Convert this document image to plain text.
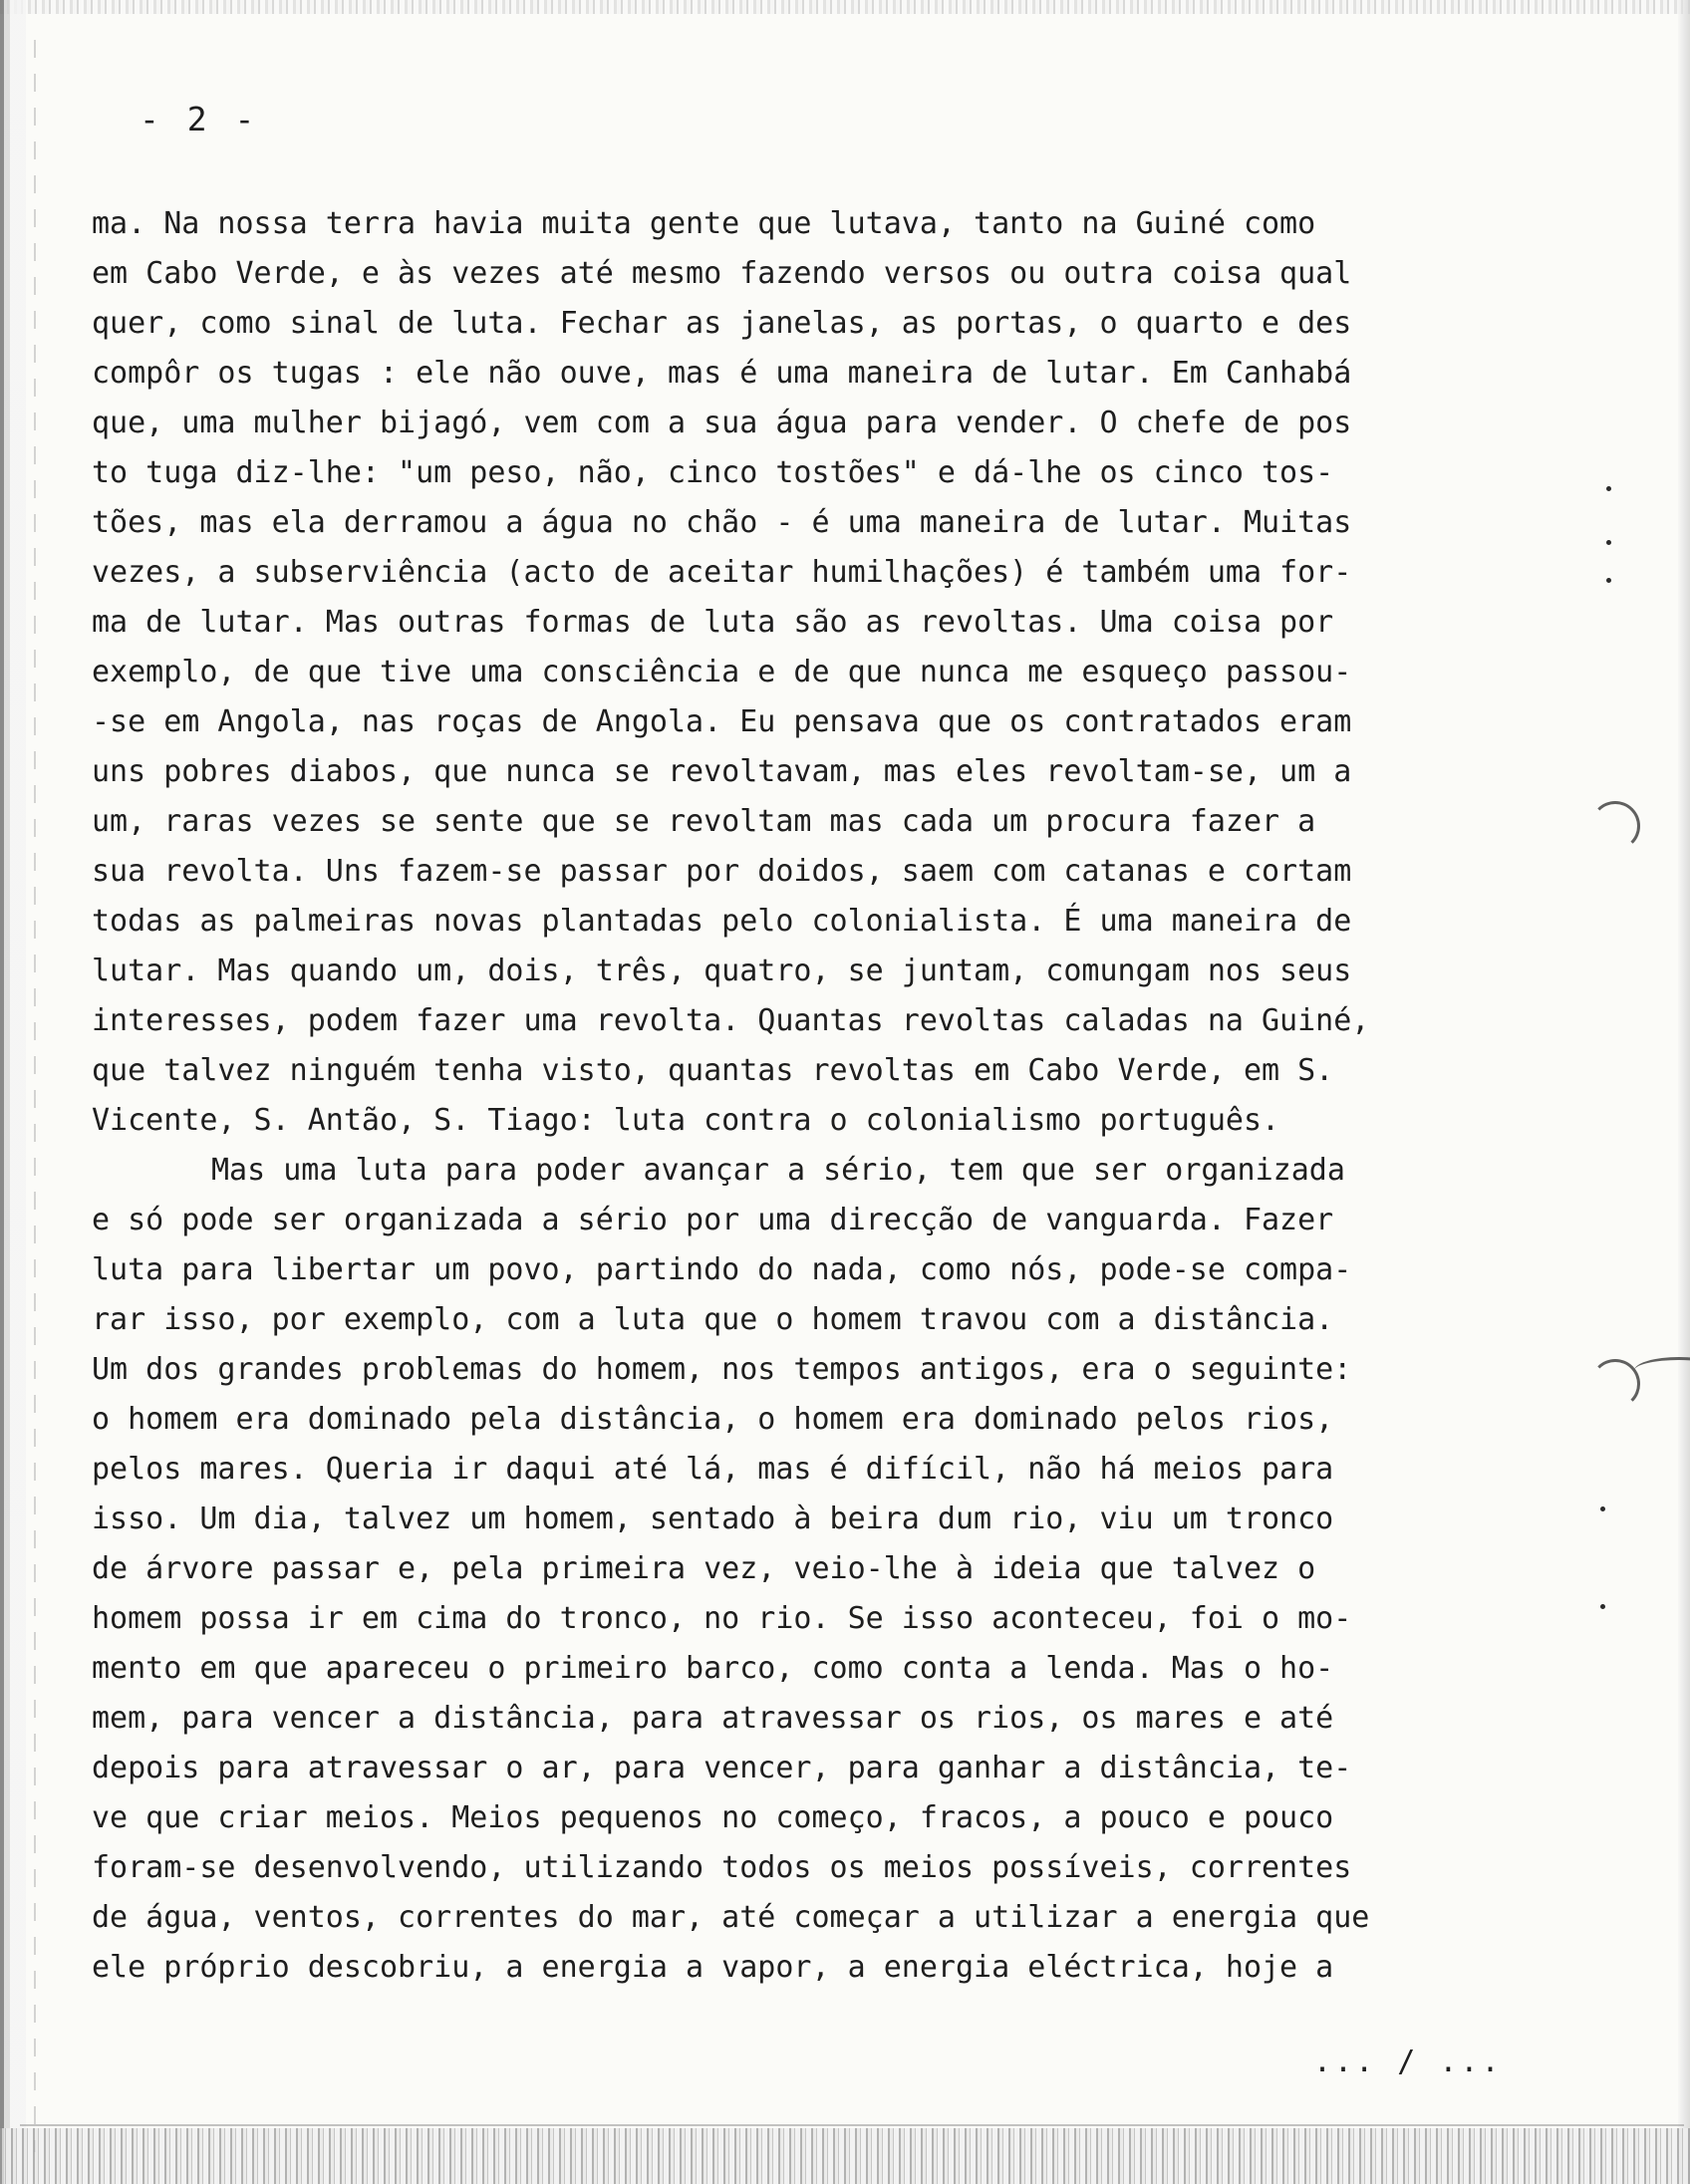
- 2 -
ma. Na nossa terra havia muita gente que lutava, tanto na Guiné como
em Cabo Verde, e às vezes até mesmo fazendo versos ou outra coisa qual
quer, como sinal de luta. Fechar as janelas, as portas, o quarto e des
compôr os tugas : ele não ouve, mas é uma maneira de lutar. Em Canhabá
que, uma mulher bijagó, vem com a sua água para vender. O chefe de pos
to tuga diz-lhe: "um peso, não, cinco tostões" e dá-lhe os cinco tos-
tões, mas ela derramou a água no chão - é uma maneira de lutar. Muitas
vezes, a subserviência (acto de aceitar humilhações) é também uma for-
ma de lutar. Mas outras formas de luta são as revoltas. Uma coisa por
exemplo, de que tive uma consciência e de que nunca me esqueço passou-
-se em Angola, nas roças de Angola. Eu pensava que os contratados eram
uns pobres diabos, que nunca se revoltavam, mas eles revoltam-se, um a
um, raras vezes se sente que se revoltam mas cada um procura fazer a
sua revolta. Uns fazem-se passar por doidos, saem com catanas e cortam
todas as palmeiras novas plantadas pelo colonialista. É uma maneira de
lutar. Mas quando um, dois, três, quatro, se juntam, comungam nos seus
interesses, podem fazer uma revolta. Quantas revoltas caladas na Guiné,
que talvez ninguém tenha visto, quantas revoltas em Cabo Verde, em S.
Vicente, S. Antão, S. Tiago: luta contra o colonialismo português.
Mas uma luta para poder avançar a sério, tem que ser organizada
e só pode ser organizada a sério por uma direcção de vanguarda. Fazer
luta para libertar um povo, partindo do nada, como nós, pode-se compa-
rar isso, por exemplo, com a luta que o homem travou com a distância.
Um dos grandes problemas do homem, nos tempos antigos, era o seguinte:
o homem era dominado pela distância, o homem era dominado pelos rios,
pelos mares. Queria ir daqui até lá, mas é difícil, não há meios para
isso. Um dia, talvez um homem, sentado à beira dum rio, viu um tronco
de árvore passar e, pela primeira vez, veio-lhe à ideia que talvez o
homem possa ir em cima do tronco, no rio. Se isso aconteceu, foi o mo-
mento em que apareceu o primeiro barco, como conta a lenda. Mas o ho-
mem, para vencer a distância, para atravessar os rios, os mares e até
depois para atravessar o ar, para vencer, para ganhar a distância, te-
ve que criar meios. Meios pequenos no começo, fracos, a pouco e pouco
foram-se desenvolvendo, utilizando todos os meios possíveis, correntes
de água, ventos, correntes do mar, até começar a utilizar a energia que
ele próprio descobriu, a energia a vapor, a energia eléctrica, hoje a
... / ...
